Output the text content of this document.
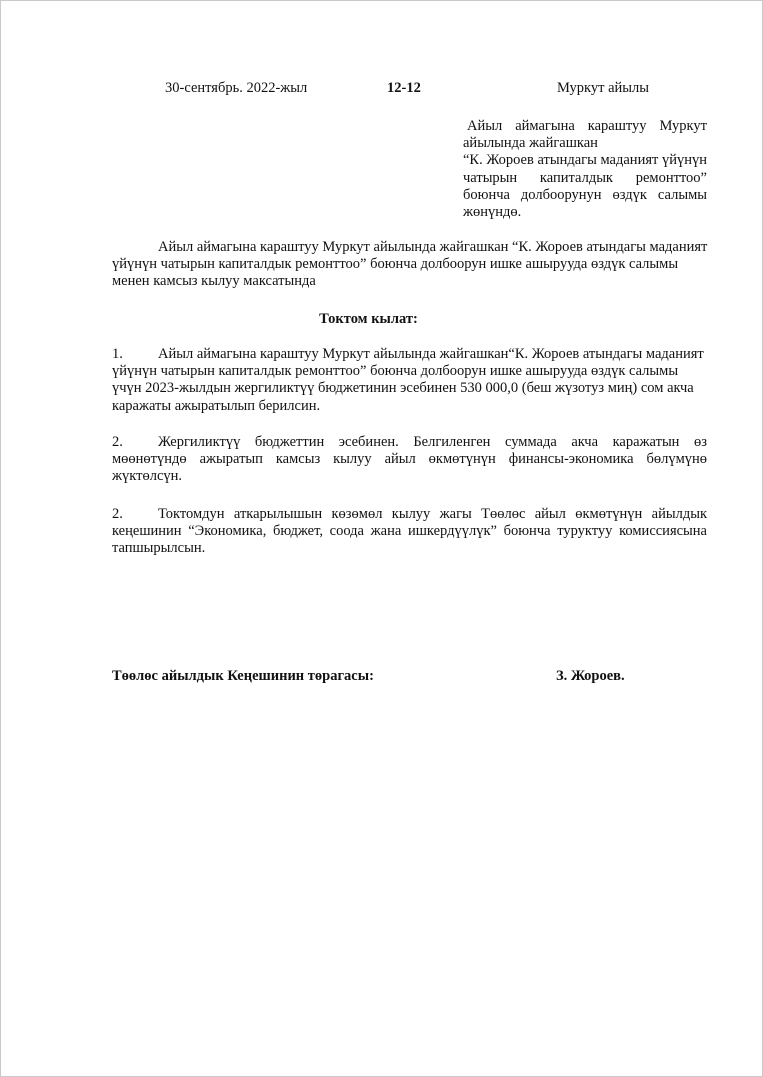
30-сентябрь. 2022-жыл	12-12	Муркут айылы

Айыл аймагына караштуу Муркут айылында жайгашкан

“К. Жороев атындагы маданият үйүнүн чатырын капиталдык ремонттоо” боюнча долбоорунун өздүк салымы жөнүндө.

Айыл аймагына караштуу Муркут айылында жайгашкан “К. Жороев атындагы маданият үйүнүн чатырын капиталдык ремонттоо” боюнча долбоорун ишке ашырууда өздүк салымы менен камсыз кылуу максатында

Токтом кылат:

1. Айыл аймагына караштуу Муркут айылында жайгашкан“К. Жороев атындагы маданият үйүнүн чатырын капиталдык ремонттоо” боюнча долбоорун ишке ашырууда өздүк салымы үчүн 2023-жылдын жергиликтүү бюджетинин эсебинен 530 000,0 (беш жүзотуз миң) сом акча каражаты ажыратылып берилсин.

2. Жергиликтүү бюджеттин эсебинен. Белгиленген суммада акча каражатын өз мөөнөтүндө ажыратып камсыз кылуу айыл өкмөтүнүн финансы-экономика бөлүмүнө жүктөлсүн.

2. Токтомдун аткарылышын көзөмөл кылуу жагы Төөлөс айыл өкмөтүнүн айылдык кеңешинин “Экономика, бюджет, соода жана ишкердүүлүк” боюнча туруктуу комиссиясына тапшырылсын.

Төөлөс айылдык Кеңешинин төрагасы:	З. Жороев.
